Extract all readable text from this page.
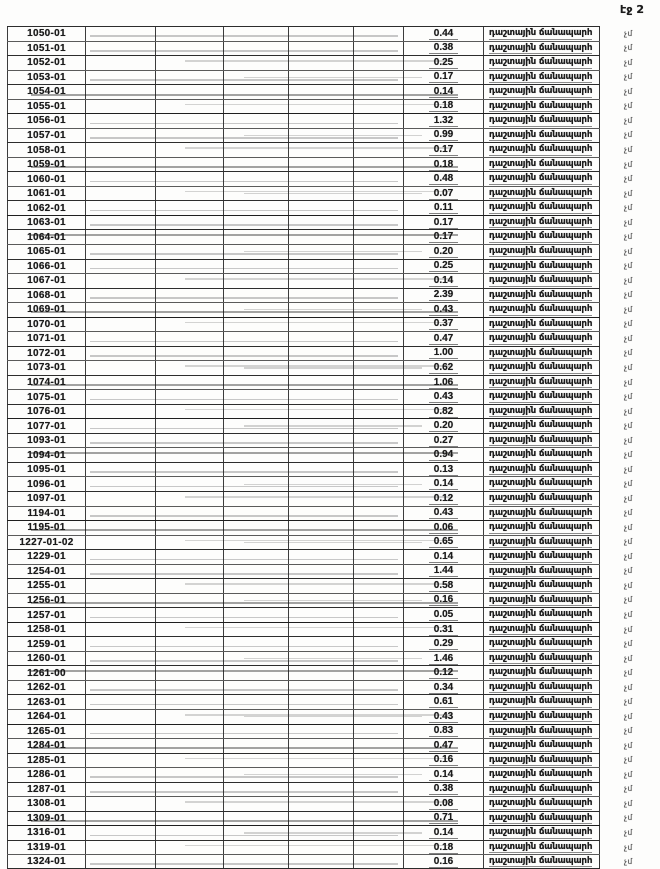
էջ 2
1050-01	0.44	դաշտային ճանապարհ
1051-01	0.38	դաշտային ճանապարհ
1052-01	0.25	դաշտային ճանապարհ
1053-01	0.17	դաշտային ճանապարհ
1054-01	0.14	դաշտային ճանապարհ
1055-01	0.18	դաշտային ճանապարհ
1056-01	1.32	դաշտային ճանապարհ
1057-01	0.99	դաշտային ճանապարհ
1058-01	0.17	դաշտային ճանապարհ
1059-01	0.18	դաշտային ճանապարհ
1060-01	0.48	դաշտային ճանապարհ
1061-01	0.07	դաշտային ճանապարհ
1062-01	0.11	դաշտային ճանապարհ
1063-01	0.17	դաշտային ճանապարհ
1064-01	0.17	դաշտային ճանապարհ
1065-01	0.20	դաշտային ճանապարհ
1066-01	0.25	դաշտային ճանապարհ
1067-01	0.14	դաշտային ճանապարհ
1068-01	2.39	դաշտային ճանապարհ
1069-01	0.43	դաշտային ճանապարհ
1070-01	0.37	դաշտային ճանապարհ
1071-01	0.47	դաշտային ճանապարհ
1072-01	1.00	դաշտային ճանապարհ
1073-01	0.62	դաշտային ճանապարհ
1074-01	1.06	դաշտային ճանապարհ
1075-01	0.43	դաշտային ճանապարհ
1076-01	0.82	դաշտային ճանապարհ
1077-01	0.20	դաշտային ճանապարհ
1093-01	0.27	դաշտային ճանապարհ
1094-01	0.94	դաշտային ճանապարհ
1095-01	0.13	դաշտային ճանապարհ
1096-01	0.14	դաշտային ճանապարհ
1097-01	0.12	դաշտային ճանապարհ
1194-01	0.43	դաշտային ճանապարհ
1195-01	0.06	դաշտային ճանապարհ
1227-01-02	0.65	դաշտային ճանապարհ
1229-01	0.14	դաշտային ճանապարհ
1254-01	1.44	դաշտային ճանապարհ
1255-01	0.58	դաշտային ճանապարհ
1256-01	0.16	դաշտային ճանապարհ
1257-01	0.05	դաշտային ճանապարհ
1258-01	0.31	դաշտային ճանապարհ
1259-01	0.29	դաշտային ճանապարհ
1260-01	1.46	դաշտային ճանապարհ
1261-00	0.12	դաշտային ճանապարհ
1262-01	0.34	դաշտային ճանապարհ
1263-01	0.61	դաշտային ճանապարհ
1264-01	0.43	դաշտային ճանապարհ
1265-01	0.83	դաշտային ճանապարհ
1284-01	0.47	դաշտային ճանապարհ
1285-01	0.16	դաշտային ճանապարհ
1286-01	0.14	դաշտային ճանապարհ
1287-01	0.38	դաշտային ճանապարհ
1308-01	0.08	դաշտային ճանապարհ
1309-01	0.71	դաշտային ճանապարհ
1316-01	0.14	դաշտային ճանապարհ
1319-01	0.18	դաշտային ճանապարհ
1324-01	0.16	դաշտային ճանապարհ
չմ
չմ
չմ
չմ
չմ
չմ
չմ
չմ
չմ
չմ
չմ
չմ
չմ
չմ
չմ
չմ
չմ
չմ
չմ
չմ
չմ
չմ
չմ
չմ
չմ
չմ
չմ
չմ
չմ
չմ
չմ
չմ
չմ
չմ
չմ
չմ
չմ
չմ
չմ
չմ
չմ
չմ
չմ
չմ
չմ
չմ
չմ
չմ
չմ
չմ
չմ
չմ
չմ
չմ
չմ
չմ
չմ
չմ
